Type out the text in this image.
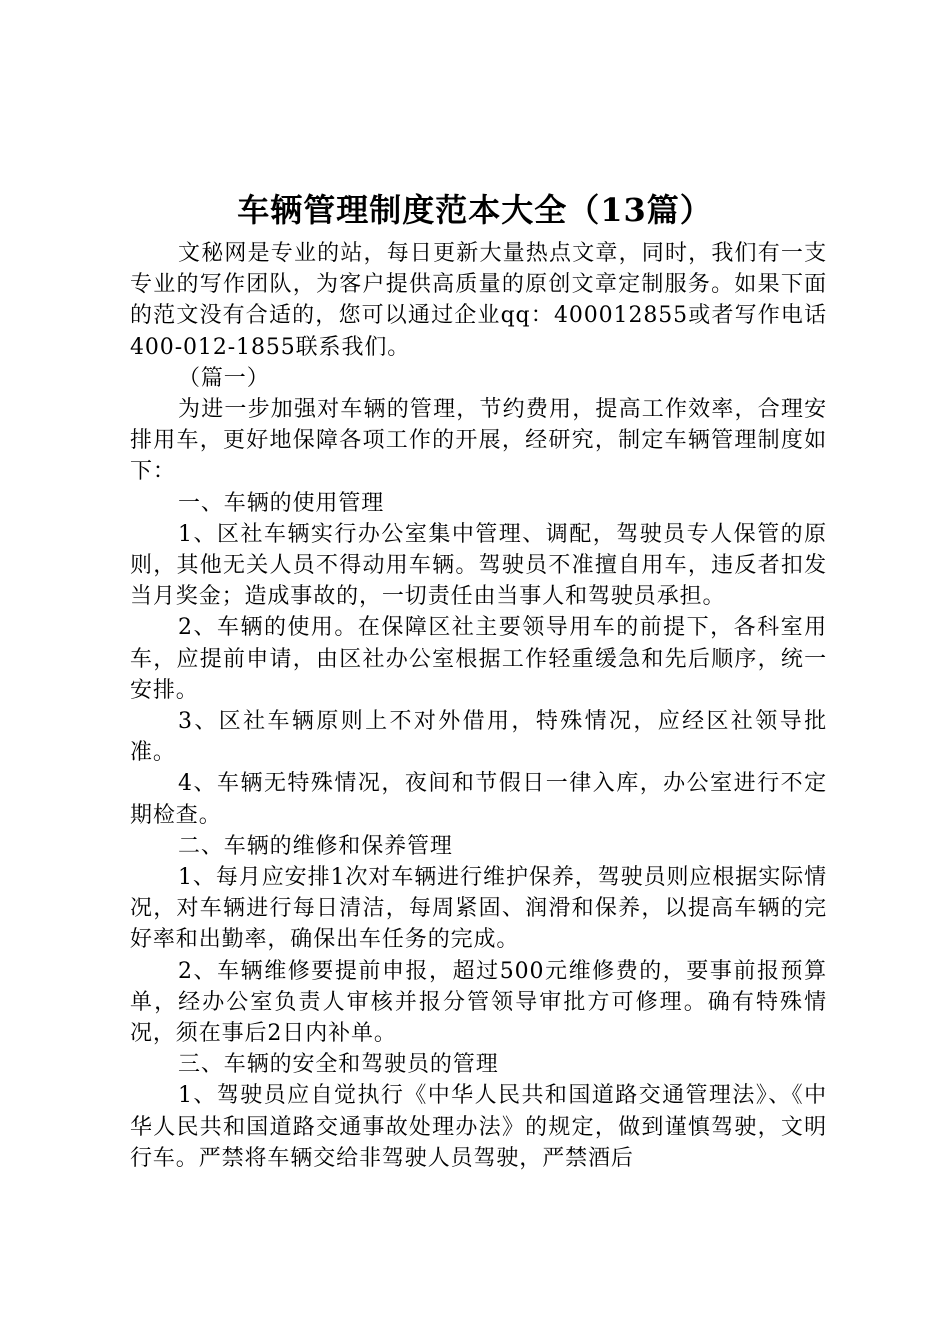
车辆管理制度范本大全（13篇）

文秘网是专业的站，每日更新大量热点文章，同时，我们有一支专业的写作团队，为客户提供高质量的原创文章定制服务。如果下面的范文没有合适的，您可以通过企业qq：400012855或者写作电话400-012-1855联系我们。

（篇一）

为进一步加强对车辆的管理，节约费用，提高工作效率，合理安排用车，更好地保障各项工作的开展，经研究，制定车辆管理制度如下：

一、车辆的使用管理

1、区社车辆实行办公室集中管理、调配，驾驶员专人保管的原则，其他无关人员不得动用车辆。驾驶员不准擅自用车，违反者扣发当月奖金；造成事故的，一切责任由当事人和驾驶员承担。

2、车辆的使用。在保障区社主要领导用车的前提下，各科室用车，应提前申请，由区社办公室根据工作轻重缓急和先后顺序，统一安排。

3、区社车辆原则上不对外借用，特殊情况，应经区社领导批准。

4、车辆无特殊情况，夜间和节假日一律入库，办公室进行不定期检查。

二、车辆的维修和保养管理

1、每月应安排1次对车辆进行维护保养，驾驶员则应根据实际情况，对车辆进行每日清洁，每周紧固、润滑和保养，以提高车辆的完好率和出勤率，确保出车任务的完成。

2、车辆维修要提前申报，超过500元维修费的，要事前报预算单，经办公室负责人审核并报分管领导审批方可修理。确有特殊情况，须在事后2日内补单。

三、车辆的安全和驾驶员的管理

1、驾驶员应自觉执行《中华人民共和国道路交通管理法》、《中华人民共和国道路交通事故处理办法》的规定，做到谨慎驾驶，文明行车。严禁将车辆交给非驾驶人员驾驶，严禁酒后
